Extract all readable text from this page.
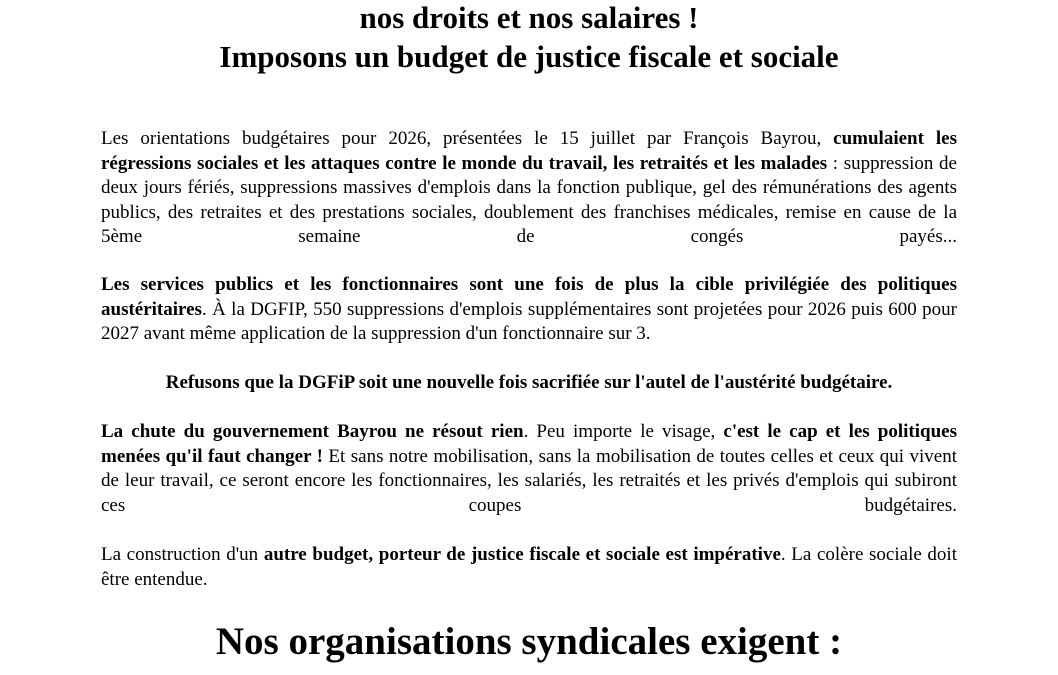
nos droits et nos salaires !
Imposons un budget de justice fiscale et sociale

Les orientations budgétaires pour 2026, présentées le 15 juillet par François Bayrou, cumulaient les régressions sociales et les attaques contre le monde du travail, les retraités et les malades : suppression de deux jours fériés, suppressions massives d'emplois dans la fonction publique, gel des rémunérations des agents publics, des retraites et des prestations sociales, doublement des franchises médicales, remise en cause de la 5ème semaine de congés payés...

Les services publics et les fonctionnaires sont une fois de plus la cible privilégiée des politiques austéritaires. À la DGFIP, 550 suppressions d'emplois supplémentaires sont projetées pour 2026 puis 600 pour 2027 avant même application de la suppression d'un fonctionnaire sur 3.

Refusons que la DGFiP soit une nouvelle fois sacrifiée sur l'autel de l'austérité budgétaire.

La chute du gouvernement Bayrou ne résout rien. Peu importe le visage, c'est le cap et les politiques menées qu'il faut changer ! Et sans notre mobilisation, sans la mobilisation de toutes celles et ceux qui vivent de leur travail, ce seront encore les fonctionnaires, les salariés, les retraités et les privés d'emplois qui subiront ces coupes budgétaires.

La construction d'un autre budget, porteur de justice fiscale et sociale est impérative. La colère sociale doit être entendue.

Nos organisations syndicales exigent :
